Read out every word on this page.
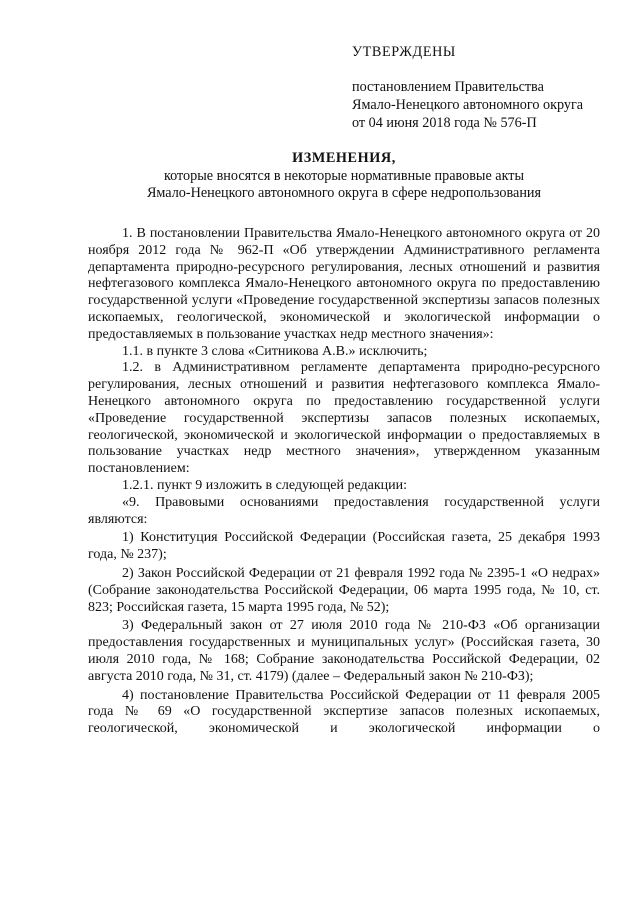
УТВЕРЖДЕНЫ
постановлением Правительства
Ямало-Ненецкого автономного округа
от 04 июня 2018 года № 576-П
ИЗМЕНЕНИЯ,
которые вносятся в некоторые нормативные правовые акты
Ямало-Ненецкого автономного округа в сфере недропользования

1. В постановлении Правительства Ямало-Ненецкого автономного округа от 20 ноября 2012 года № 962-П «Об утверждении Административного регламента департамента природно-ресурсного регулирования, лесных отношений и развития нефтегазового комплекса Ямало-Ненецкого автономного округа по предоставлению государственной услуги «Проведение государственной экспертизы запасов полезных ископаемых, геологической, экономической и экологической информации о предоставляемых в пользование участках недр местного значения»:

1.1. в пункте 3 слова «Ситникова А.В.» исключить;

1.2. в Административном регламенте департамента природно-ресурсного регулирования, лесных отношений и развития нефтегазового комплекса Ямало-Ненецкого автономного округа по предоставлению государственной услуги «Проведение государственной экспертизы запасов полезных ископаемых, геологической, экономической и экологической информации о предоставляемых в пользование участках недр местного значения», утвержденном указанным постановлением:

1.2.1. пункт 9 изложить в следующей редакции:

«9. Правовыми основаниями предоставления государственной услуги являются:

1) Конституция Российской Федерации (Российская газета, 25 декабря 1993 года, № 237);

2) Закон Российской Федерации от 21 февраля 1992 года № 2395-1 «О недрах» (Собрание законодательства Российской Федерации, 06 марта 1995 года, № 10, ст. 823; Российская газета, 15 марта 1995 года, № 52);

3) Федеральный закон от 27 июля 2010 года № 210-ФЗ «Об организации предоставления государственных и муниципальных услуг» (Российская газета, 30 июля 2010 года, № 168; Собрание законодательства Российской Федерации, 02 августа 2010 года, № 31, ст. 4179) (далее – Федеральный закон № 210-ФЗ);

4) постановление Правительства Российской Федерации от 11 февраля 2005 года № 69 «О государственной экспертизе запасов полезных ископаемых, геологической, экономической и экологической информации о
